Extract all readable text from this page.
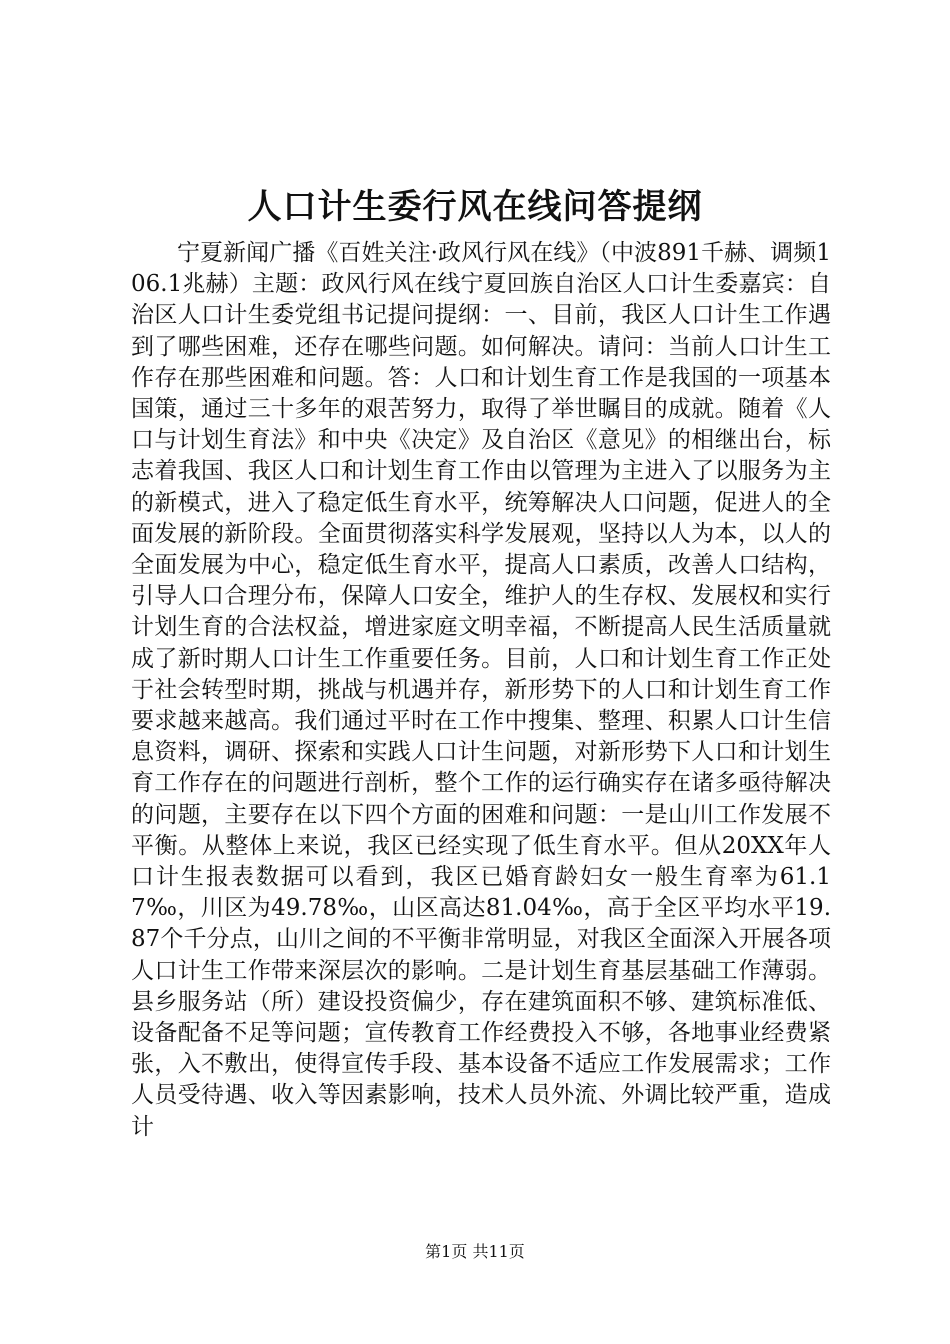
人口计生委行风在线问答提纲

宁夏新闻广播《百姓关注·政风行风在线》（中波891千赫、调频106.1兆赫）主题：政风行风在线宁夏回族自治区人口计生委嘉宾：自治区人口计生委党组书记提问提纲：一、目前，我区人口计生工作遇到了哪些困难，还存在哪些问题。如何解决。请问：当前人口计生工作存在那些困难和问题。答：人口和计划生育工作是我国的一项基本国策，通过三十多年的艰苦努力，取得了举世瞩目的成就。随着《人口与计划生育法》和中央《决定》及自治区《意见》的相继出台，标志着我国、我区人口和计划生育工作由以管理为主进入了以服务为主的新模式，进入了稳定低生育水平，统筹解决人口问题，促进人的全面发展的新阶段。全面贯彻落实科学发展观，坚持以人为本，以人的全面发展为中心，稳定低生育水平，提高人口素质，改善人口结构，引导人口合理分布，保障人口安全，维护人的生存权、发展权和实行计划生育的合法权益，增进家庭文明幸福，不断提高人民生活质量就成了新时期人口计生工作重要任务。目前，人口和计划生育工作正处于社会转型时期，挑战与机遇并存，新形势下的人口和计划生育工作要求越来越高。我们通过平时在工作中搜集、整理、积累人口计生信息资料，调研、探索和实践人口计生问题，对新形势下人口和计划生育工作存在的问题进行剖析，整个工作的运行确实存在诸多亟待解决的问题，主要存在以下四个方面的困难和问题：一是山川工作发展不平衡。从整体上来说，我区已经实现了低生育水平。但从20XX年人口计生报表数据可以看到，我区已婚育龄妇女一般生育率为61.17‰，川区为49.78‰，山区高达81.04‰，高于全区平均水平19.87个千分点，山川之间的不平衡非常明显，对我区全面深入开展各项人口计生工作带来深层次的影响。二是计划生育基层基础工作薄弱。县乡服务站（所）建设投资偏少，存在建筑面积不够、建筑标准低、设备配备不足等问题；宣传教育工作经费投入不够，各地事业经费紧张，入不敷出，使得宣传手段、基本设备不适应工作发展需求；工作人员受待遇、收入等因素影响，技术人员外流、外调比较严重，造成计

第1页 共11页
